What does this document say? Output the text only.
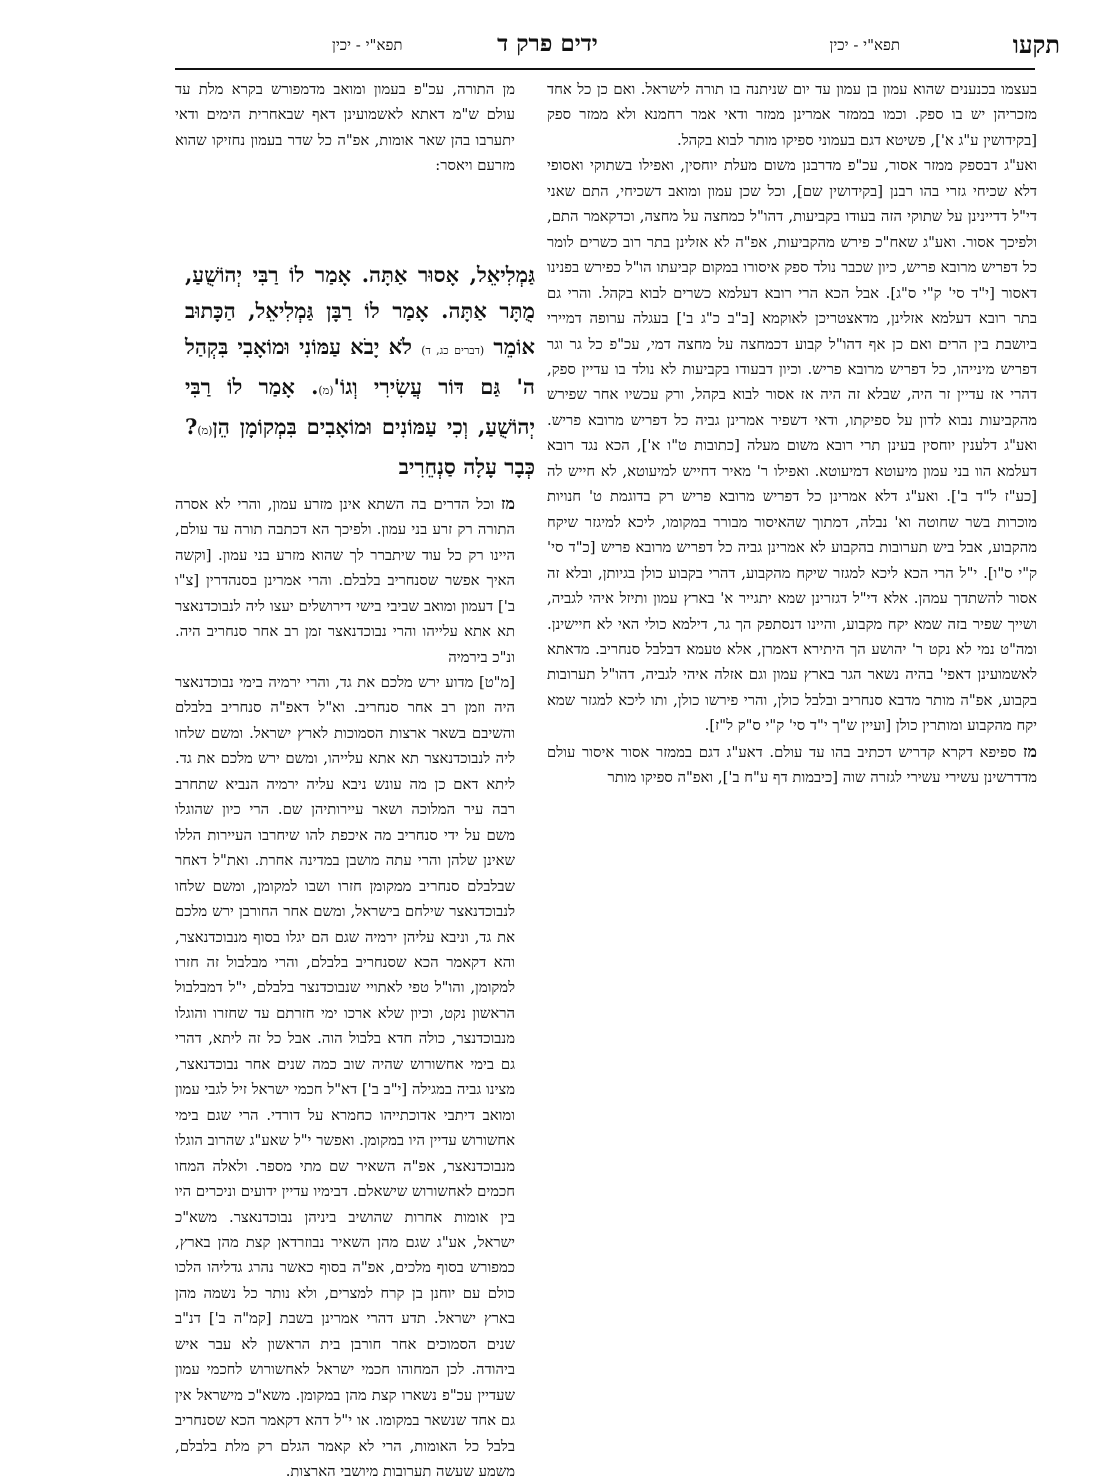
תקעו
תפא"י - יכין
ידים פרק ד
תפא"י - יכין

בעצמו בכנענים שהוא עמון בן עמון עד יום שניתנה בו תורה לישראל. ואם כן כל אחד מזכריהן יש בו ספק. וכמו בממזר אמרינן ממזר ודאי אמר רחמנא ולא ממזר ספק [בקידושין ע"ג א'], פשיטא דגם בעמוני ספיקו מותר לבוא בקהל.

ואע"ג דבספק ממזר אסור, עכ"פ מדרבנן משום מעלת יוחסין, ואפילו בשתוקי ואסופי דלא שכיחי גזרי בהו רבנן [בקידושין שם], וכל שכן עמון ומואב דשכיחי, התם שאני די"ל דדיינינן על שתוקי הזה בעודו בקביעות, דהו"ל כמחצה על מחצה, וכדקאמר התם, ולפיכך אסור. ואע"ג שאח"כ פירש מהקביעות, אפ"ה לא אזלינן בתר רוב כשרים לומר כל דפריש מרובא פריש, כיון שכבר נולד ספק איסורו במקום קביעתו הו"ל כפירש בפנינו דאסור [י"ד סי' ק"י ס"ג]. אבל הכא הרי רובא דעלמא כשרים לבוא בקהל. והרי גם בתר רובא דעלמא אזלינן, מדאצטריכן לאוקמא [ב"ב כ"ג ב'] בעגלה ערופה דמיירי ביושבת בין הרים ואם כן אף דהו"ל קבוע דכמחצה על מחצה דמי, עכ"פ כל גר וגר דפריש מינייהו, כל דפריש מרובא פריש. וכיון דבעודו בקביעות לא נולד בו עדיין ספק, דהרי אז עדיין זר היה, שבלא זה היה אז אסור לבוא בקהל, ורק עכשיו אחר שפירש מהקביעות נבוא לדון על ספיקתו, ודאי דשפיר אמרינן גביה כל דפריש מרובא פריש. ואע"ג דלענין יוחסין בעינן תרי רובא משום מעלה [כתובות ט"ו א'], הכא נגד רובא דעלמא הוו בני עמון מיעוטא דמיעוטא. ואפילו ר' מאיר דחייש למיעוטא, לא חייש לה [כע"ז ל"ד ב']. ואע"ג דלא אמרינן כל דפריש מרובא פריש רק בדוגמת ט' חנויות מוכרות בשר שחוטה וא' נבלה, דמתוך שהאיסור מבורר במקומו, ליכא למיגזר שיקח מהקבוע, אבל ביש תערובות בהקבוע לא אמרינן גביה כל דפריש מרובא פריש [כ"ד סי' ק"י ס"ו]. י"ל הרי הכא ליכא למגזר שיקח מהקבוע, דהרי בקבוע כולן בגיותן, ובלא זה אסור להשתדך עמהן. אלא די"ל דגזרינן שמא יתגייר א' בארץ עמון ותיזל איהי לגביה, ושייך שפיר בזה שמא יקח מקבוע, והיינו דנסתפק הך גר, דילמא כולי האי לא חיישינן. ומה"ט נמי לא נקט ר' יהושע הך היתירא דאמרן, אלא טעמא דבלבל סנחריב. מדאתא לאשמועינן דאפי' בהיה נשאר הגר בארץ עמון וגם אזלה איהי לגביה, דהו"ל תערובות בקבוע, אפ"ה מותר מדבא סנחריב ובלבל כולן, והרי פירשו כולן, ותו ליכא למגזר שמא יקח מהקבוע ומותרין כולן [ועיין ש"ך י"ד סי' ק"י ס"ק ל"ז].

מז ספיפא דקרא קדריש דכתיב בהו עד עולם. דאע"ג דגם בממזר אסור איסור עולם מדדרשינן עשירי עשירי לגזרה שוה [כיבמות דף ע"ח ב'], ואפ"ה ספיקו מותר

מן התורה, עכ"פ בעמון ומואב מדמפורש בקרא מלת עד עולם ש"מ דאתא לאשמועינן דאף שבאחרית הימים ודאי יתערבו בהן שאר אומות, אפ"ה כל שדר בעמון נחזיקו שהוא מזרעם ויאסר:

גַּמְלִיאֵל, אָסוּר אַתָּה. אָמַר לוֹ רַבִּי יְהוֹשֻׁעַ, מֻתָּר אַתָּה. אָמַר לוֹ רַבָּן גַּמְלִיאֵל, הַכָּתוּב אוֹמֵר (דברים כג, ד) לֹא יָבֹא עַמּוֹנִי וּמוֹאָבִי בִּקְהַל ה' גַּם דּוֹר עֲשִׂירִי וְגוֹ'(מ). אָמַר לוֹ רַבִּי יְהוֹשֻׁעַ, וְכִי עַמּוֹנִים וּמוֹאָבִים בִּמְקוֹמָן הֵן(מ)? כְּבָר עָלָה סַנְחֵרִיב

מז וכל הדרים בה השתא אינן מזרע עמון, והרי לא אסרה התורה רק זרע בני עמון. ולפיכך הא דכתבה תורה עד עולם, היינו רק כל עוד שיתברר לך שהוא מזרע בני עמון. [וקשה האיך אפשר שסנחריב בלבלם. והרי אמרינן בסנהדרין [צ"ו ב'] דעמון ומואב שביבי בישי דירושלים יעצו ליה לנבוכדנאצר תא אתא עלייהו והרי נבוכדנאצר זמן רב אחר סנחריב היה. ונ"כ בירמיה

[מ"ט] מדוע ירש מלכם את גד, והרי ירמיה בימי נבוכדנאצר היה וזמן רב אחר סנחריב. וא"ל דאפ"ה סנחריב בלבלם והשיבם בשאר ארצות הסמוכות לארץ ישראל. ומשם שלחו ליה לנבוכדנאצר תא אתא עלייהו, ומשם ירש מלכם את גד. ליתא דאם כן מה עונש ניבא עליה ירמיה הנביא שתחרב רבה עיר המלוכה ושאר עיירותיהן שם. הרי כיון שהוגלו משם על ידי סנחריב מה איכפת להו שיחרבו העיירות הללו שאינן שלהן והרי עתה מושבן במדינה אחרת. ואת"ל דאחר שבלבלם סנחריב ממקומן חזרו ושבו למקומן, ומשם שלחו לנבוכדנאצר שילחם בישראל, ומשם אחר החורבן ירש מלכם את גד, וניבא עליהן ירמיה שגם הם יגלו בסוף מנבוכדנאצר, והא דקאמר הכא שסנחריב בלבלם, והרי מבלבול זה חזרו למקומן, והו"ל טפי לאתויי שנבוכדנצר בלבלם, י"ל דמבלבול הראשון נקט, וכיון שלא ארכו ימי חזרתם עד שחזרו והוגלו מנבוכדנצר, כולה חדא בלבול הוה. אבל כל זה ליתא, דהרי גם בימי אחשורוש שהיה שוב כמה שנים אחר נבוכדנאצר, מצינו גביה במגילה [י"ב ב'] דא"ל חכמי ישראל זיל לגבי עמון ומואב דיתבי אדוכתייהו כחמרא על דורדי. הרי שגם בימי אחשורוש עדיין היו במקומן. ואפשר י"ל שאע"ג שהרוב הוגלו מנבוכדנאצר, אפ"ה השאיר שם מתי מספר. ולאלה המחו חכמים לאחשורוש שישאלם. דבימיו עדיין ידועים וניכרים היו בין אומות אחרות שהושיב ביניהן נבוכדנאצר. משא"כ ישראל, אע"ג שגם מהן השאיר נבוזרדאן קצת מהן בארץ, כמפורש בסוף מלכים, אפ"ה בסוף כאשר נהרג גדליהו הלכו כולם עם יוחנן בן קרח למצרים, ולא נותר כל נשמה מהן בארץ ישראל. תדע דהרי אמרינן בשבת [קמ"ה ב'] דנ"ב שנים הסמוכים אחר חורבן בית הראשון לא עבר איש ביהודה. לכן המחוהו חכמי ישראל לאחשורוש לחכמי עמון שעדיין עכ"פ נשארו קצת מהן במקומן. משא"כ מישראל אין גם אחד שנשאר במקומו. או י"ל דהא דקאמר הכא שסנחריב בלבל כל האומות, הרי לא קאמר הגלם רק מלת בלבלם, משמע שעשה תערובות מיושבי הארצות.
